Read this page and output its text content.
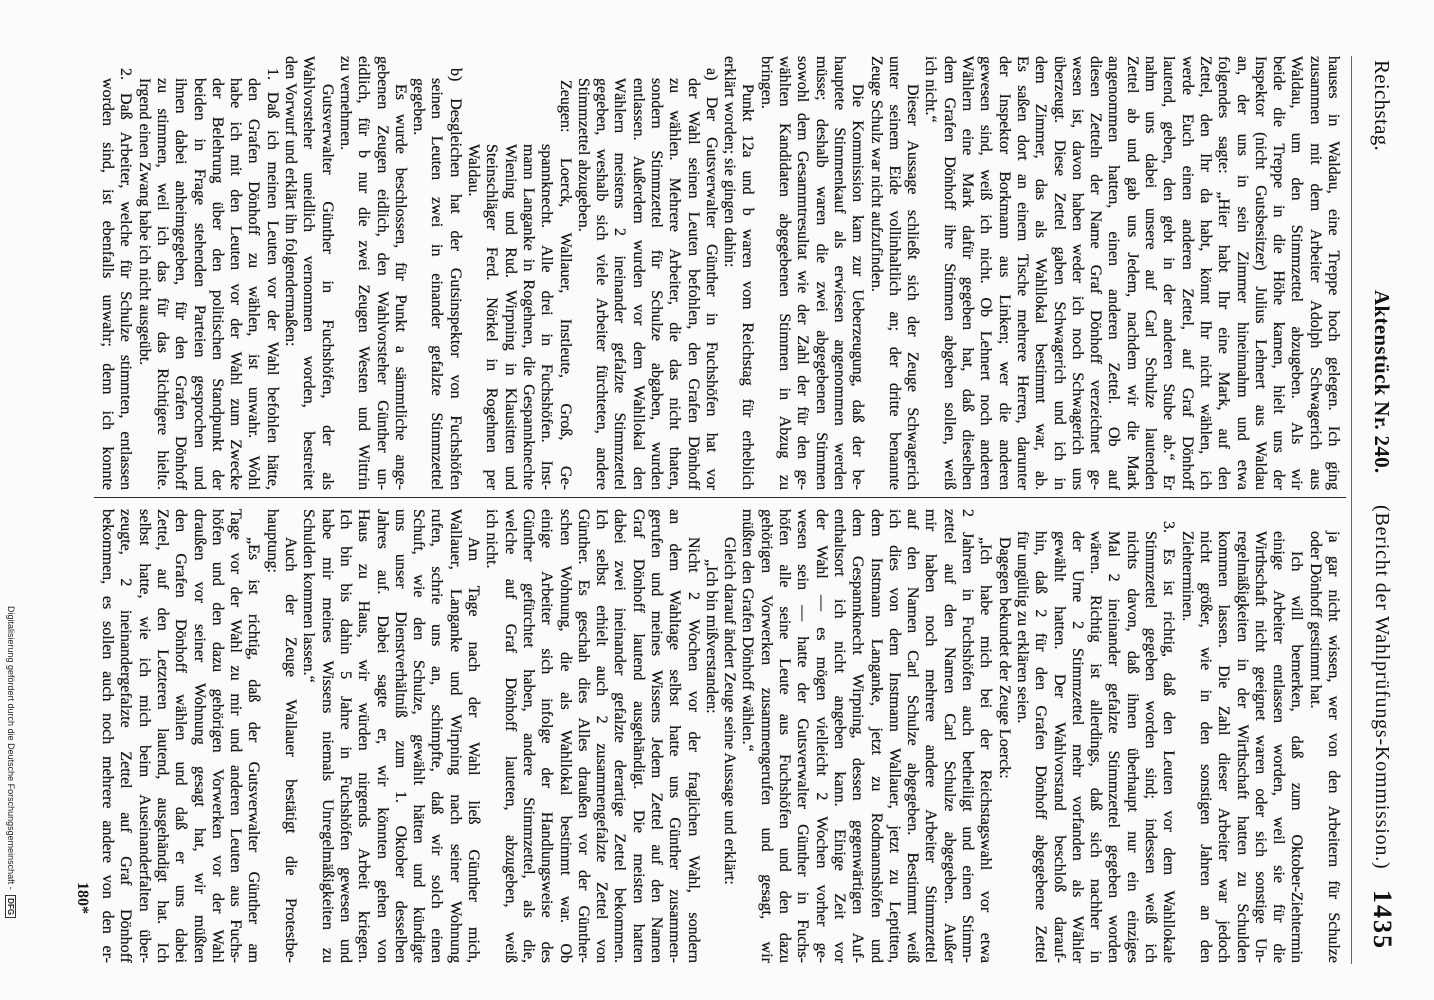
Reichstag.
Aktenstück Nr. 240.
(Bericht der Wahlprüfungs-Kommission.)
1435
hauses in Waldau, eine Treppe hoch gelegen. Ich ging
zusammen mit dem Arbeiter Adolph Schwagerich aus
Waldau, um den Stimmzettel abzugeben. Als wir
beide die Treppe in die Höhe kamen, hielt uns der
Inspektor (nicht Gutsbesitzer) Julius Lehnert aus Waldau
an, der uns in sein Zimmer hineinnahm und etwa
folgendes sagte: „Hier habt Ihr eine Mark, auf den
Zettel, den Ihr da habt, könnt Ihr nicht wählen, ich
werde Euch einen anderen Zettel, auf Graf Dönhoff
lautend, geben, den gebt in der anderen Stube ab.“ Er
nahm uns dabei unsere auf Carl Schulze lautenden
Zettel ab und gab uns Jedem, nachdem wir die Mark
angenommen hatten, einen anderen Zettel. Ob auf
diesen Zetteln der Name Graf Dönhoff verzeichnet ge-
wesen ist, davon haben weder ich noch Schwagerich uns
überzeugt. Diese Zettel gaben Schwagerich und ich in
dem Zimmer, das als Wahllokal bestimmt war, ab.
Es saßen dort an einem Tische mehrere Herren, darunter
der Inspektor Borkmann aus Linken; wer die anderen
gewesen sind, weiß ich nicht. Ob Lehnert noch anderen
Wählern eine Mark dafür gegeben hat, daß dieselben
dem Grafen Dönhoff ihre Stimmen abgeben sollen, weiß
ich nicht.“
Dieser Aussage schließt sich der Zeuge Schwagerich
unter seinem Eide vollinhaltlich an; der dritte benannte
Zeuge Schulz war nicht aufzufinden.
Die Kommission kam zur Ueberzeugung, daß der be-
hauptete Stimmenkauf als erwiesen angenommen werden
müsse; deshalb waren die zwei abgegebenen Stimmen
sowohl dem Gesammtresultat wie der Zahl der für den ge-
wählten Kandidaten abgegebenen Stimmen in Abzug zu
bringen.
Punkt 12a und b waren vom Reichstag für erheblich
erklärt worden; sie gingen dahin:
a) Der Gutsverwalter Günther in Fuchshöfen hat vor
der Wahl seinen Leuten befohlen, den Grafen Dönhoff
zu wählen. Mehrere Arbeiter, die das nicht thaten,
sondern Stimmzettel für Schulze abgaben, wurden
entlassen. Außerdem wurden vor dem Wahllokal den
Wählern meistens 2 ineinander gefalzte Stimmzettel
gegeben, weshalb sich viele Arbeiter fürchteten, andere
Stimmzettel abzugeben.
Zeugen: Loerck, Wallauer, Instleute, Groß, Ge-
spannknecht. Alle drei in Fuchshöfen. Inst-
mann Langanke in Rogehnen, die Gespannknechte
Wiening und Rud. Wirpning in Klausitten und
Steinschläger Ferd. Nörkel in Rogehnen per
Waldau.
b) Desgleichen hat der Gutsinspektor von Fuchshöfen
seinen Leuten zwei in einander gefalzte Stimmzettel
gegeben.
Es wurde beschlossen, für Punkt a sämmtliche ange-
gebenen Zeugen eidlich, den Wahlvorsteher Günther un-
eidlich, für b nur die zwei Zeugen Westen und Wittrin
zu vernehmen.
Gutsverwalter Günther in Fuchshöfen, der als
Wahlvorsteher uneidlich vernommen worden, bestreitet
den Vorwurf und erklärt ihn folgendermaßen:
1. Daß ich meinen Leuten vor der Wahl befohlen hätte,
den Grafen Dönhoff zu wählen, ist unwahr. Wohl
habe ich mit den Leuten vor der Wahl zum Zwecke
der Belehrung über den politischen Standpunkt der
beiden in Frage stehenden Parteien gesprochen und
ihnen dabei anheimgegeben, für den Grafen Dönhoff
zu stimmen, weil ich das für das Richtigere hielte.
Irgend einen Zwang habe ich nicht ausgeübt.
2. Daß Arbeiter, welche für Schulze stimmten, entlassen
worden sind, ist ebenfalls unwahr; denn ich konnte
ja gar nicht wissen, wer von den Arbeitern für Schulze
oder Dönhoff gestimmt hat.
Ich will bemerken, daß zum Oktober-Ziehtermin
einige Arbeiter entlassen worden, weil sie für die
Wirthschaft nicht geeignet waren oder sich sonstige Un-
regelmäßigkeiten in der Wirthschaft hatten zu Schulden
kommen lassen. Die Zahl dieser Arbeiter war jedoch
nicht größer, wie in den sonstigen Jahren an den
Ziehterminen.
3. Es ist richtig, daß den Leuten vor dem Wahllokale
Stimmzettel gegeben worden sind; indessen weiß ich
nichts davon, daß ihnen überhaupt nur ein einziges
Mal 2 ineinander gefalzte Stimmzettel gegeben worden
wären. Richtig ist allerdings, daß sich nachher in
der Urne 2 Stimmzettel mehr vorfanden als Wähler
gewählt hatten. Der Wahlvorstand beschloß darauf-
hin, daß 2 für den Grafen Dönhoff abgegebene Zettel
für ungültig zu erklären seien.
Dagegen bekundet der Zeuge Loerck:
„Ich habe mich bei der Reichstagswahl vor etwa
2 Jahren in Fuchshöfen auch betheiligt und einen Stimm-
zettel auf den Namen Carl Schulze abgegeben. Außer
mir haben noch mehrere andere Arbeiter Stimmzettel
auf den Namen Carl Schulze abgegeben. Bestimmt weiß
ich dies von dem Instmann Wallauer, jetzt zu Leptitten,
dem Instmann Langanke, jetzt zu Rodmannshöfen und
dem Gespannknecht Wirpning, dessen gegenwärtigen Auf-
enthaltsort ich nicht angeben kann. Einige Zeit vor
der Wahl — es mögen vielleicht 2 Wochen vorher ge-
wesen sein — hatte der Gutsverwalter Günther in Fuchs-
höfen alle seine Leute aus Fuchshöfen und den dazu
gehörigen Vorwerken zusammengerufen und gesagt, wir
müßten den Grafen Dönhoff wählen.“
Gleich darauf ändert Zeuge seine Aussage und erklärt:
„Ich bin mißverstanden:
Nicht 2 Wochen vor der fraglichen Wahl, sondern
an dem Wahltage selbst hatte uns Günther zusammen-
gerufen und meines Wissens Jedem Zettel auf den Namen
Graf Dönhoff lautend ausgehändigt. Die meisten hatten
dabei zwei ineinander gefalzte derartige Zettel bekommen.
Ich selbst erhielt auch 2 zusammengefalzte Zettel von
Günther. Es geschah dies Alles draußen vor der Günther-
schen Wohnung, die als Wahllokal bestimmt war. Ob
einige Arbeiter sich infolge der Handlungsweise des
Günther gefürchtet haben, andere Stimmzettel, als die,
welche auf Graf Dönhoff lauteten, abzugeben, weiß
ich nicht.
Am Tage nach der Wahl ließ Günther mich,
Wallauer, Langanke und Wirpning nach seiner Wohnung
rufen, schrie uns an, schimpfte, daß wir solch einen
Schuft, wie den Schulze, gewählt hätten und kündigte
uns unser Dienstverhältniß zum 1. Oktober desselben
Jahres auf. Dabei sagte er, wir könnten gehen von
Haus zu Haus, wir würden nirgends Arbeit kriegen.
Ich bin bis dahin 5 Jahre in Fuchshöfen gewesen und
habe mir meines Wissens niemals Unregelmäßigkeiten zu
Schulden kommen lassen.“
Auch der Zeuge Wallauer bestätigt die Protestbe-
hauptung:
„Es ist richtig, daß der Gutsverwalter Günther am
Tage vor der Wahl zu mir und anderen Leuten aus Fuchs-
höfen und den dazu gehörigen Vorwerken vor der Wahl
draußen vor seiner Wohnung gesagt hat, wir müßten
den Grafen Dönhoff wählen und daß er uns dabei
Zettel, auf den Letzteren lautend, ausgehändigt hat. Ich
selbst hatte, wie ich mich beim Auseinanderfalten über-
zeugte, 2 ineinandergefalzte Zettel auf Graf Dönhoff
bekommen, es sollen auch noch mehrere andere von den er-
180*
Digitalisierung gefördert durch die Deutsche Forschungsgemeinschaft - DFG
